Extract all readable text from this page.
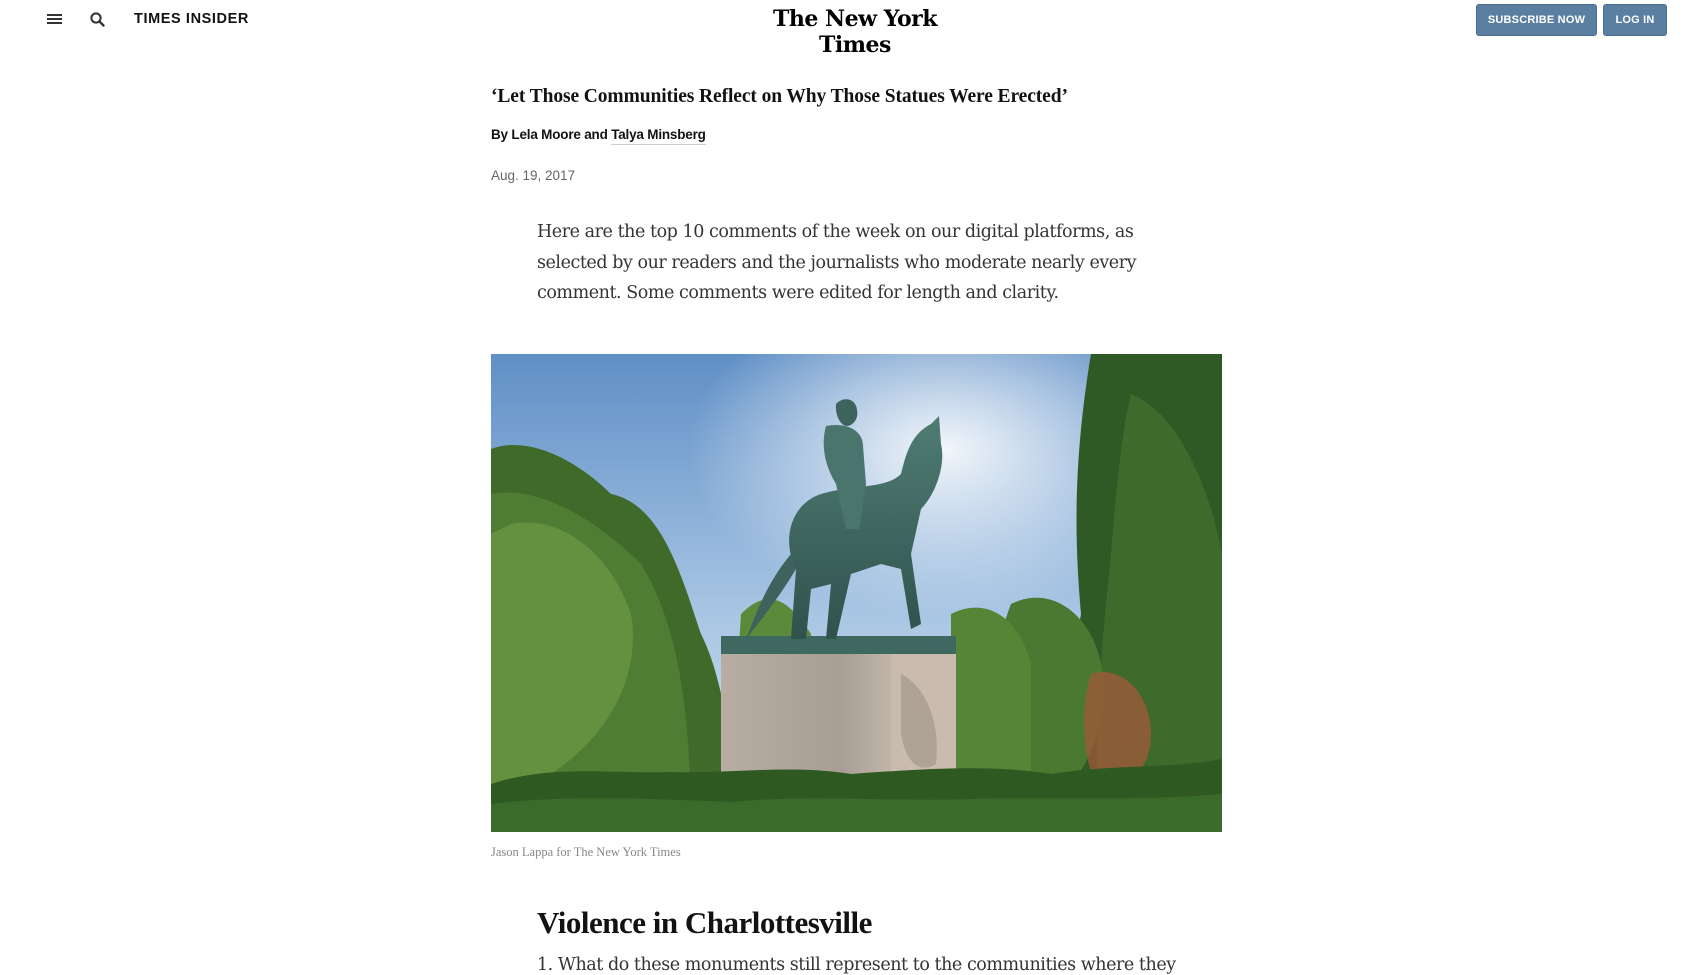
TIMES INSIDER	The New York Times
SUBSCRIBE NOW	LOG IN
‘Let Those Communities Reflect on Why Those Statues Were Erected’

By Lela Moore and Talya Minsberg

Aug. 19, 2017

Here are the top 10 comments of the week on our digital platforms, as selected by our readers and the journalists who moderate nearly every comment. Some comments were edited for length and clarity.

Jason Lappa for The New York Times
Violence in Charlottesville

1. What do these monuments still represent to the communities where they
